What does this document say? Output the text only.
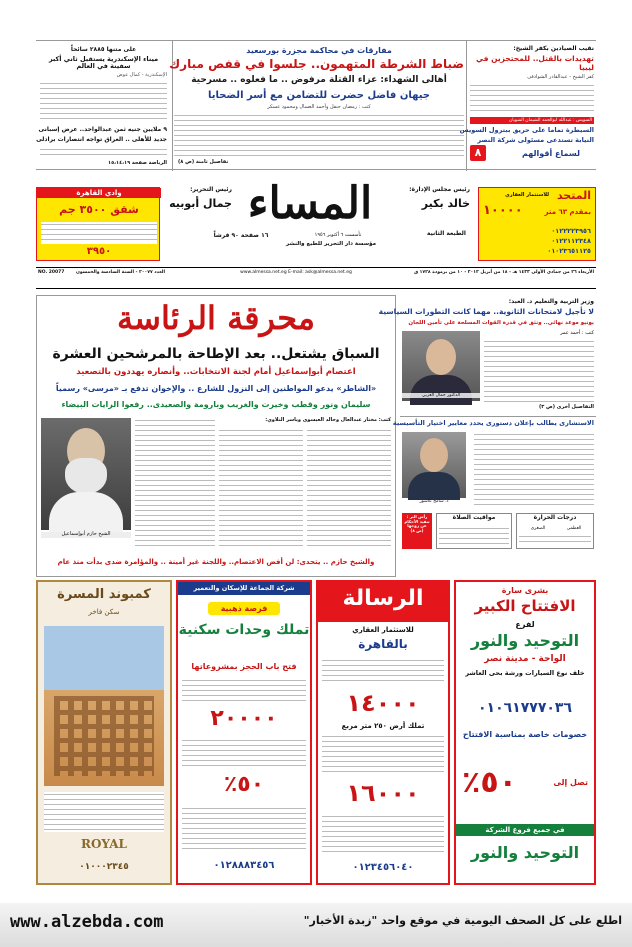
على متنها ٢٨٨٥ سائحاً
ميناء الإسكندرية يستقبل ثاني أكبر سفينة في العالم
الإسكندرية - كمال عوض
٩ ملايين جنيه ثمن عبدالواحد.. عرض إسبانى
جديد للأهلى .. العراق تواجه انتصارات برادلى
الرياضة صفحة ١٥،١٤،١٩
مفارقات في محاكمة مجزرة بورسعيد
ضباط الشرطة المتهمون.. جلسوا في قفص مبارك
أهالى الشهداء: عزاء القتلة مرفوض .. ما فعلوه .. مسرحية
جيهان فاضل حضرت للتضامن مع أسر الضحايا
كتب : رمضان حنفل وأحمد العسال ومحمود عسكر
تفاصيل ثامنة (ص ٨)
نقيب الصيادين بكفر الشيخ:
تهديدات بالقتل.. للمحتجزين في ليبيا
كفر الشيخ - عبدالقادر الشوادفى
السويس : عبدالله ابوالحمد الشيمان الشوبان
السيطرة تماما على حريق ببترول السويس
النيابة تستدعى مسئولى شركة النصر
لسماع أقوالهم
٨
المتحد
للاستثمار العقاري
بمقدم ٦٣ متر
١٠٠٠٠
٠١٢٢٢٢٣٩٥٦
٠١٢٢١١٢٣٤٨
٠١٠٢٣٦٥١١٢٥
رئيس مجلس الإدارة:
خالد بكير
الطبعة الثانية
المساء
رئيس التحرير:
جمال أبوبيه
تأسست ٦ أكتوبر ١٩٥٦
١٦ صفحة ٩٠ قرشاً
مؤسسة دار التحرير للطبع والنشر
وادي القاهرة
شقق ٣٥٠٠ جم
٣٩٥٠
الأربعاء ٢٦ من جمادى الأولى ١٤٣٣ هـ - ١٨ من أبريل ٢٠١٢ - ١٠ من برمودة ١٧٢٨ ق
www.almessa.net.eg E-mail: ask@almessa.net.eg
العدد ٢٠٠٧٧ - السنة السادسة والخمسون
NO. 20077
محرقة الرئاسة
السباق يشتعل.. بعد الإطاحة بالمرشحين العشرة
اعتصام أبوإسماعيل أمام لجنة الانتخابات.. وأنصاره يهددون بالتصعيد
«الشاطر» يدعو المواطنين إلى النزول للشارع .. والإخوان تدفع بـ «مرسى» رسمياً
سليمان ونور وقطب وخيرت والغريب وبارومة والصعيدى.. رفعوا الرايات البيضاء
كتب: مختار عبدالعال وخالد العيسوى وياسر النلاوي:
الشيخ حازم أبوإسماعيل
والشيخ حازم .. يتحدى: لن أفض الاعتصام.. واللجنة غير أمينة .. والمؤامرة ضدى بدأت منذ عام
وزير التربية والتعليم د. العبد:
لا تأجيل لامتحانات الثانوية.. مهما كانت التطورات السياسية
يونيو موعد نهائى.. ونثق في قدرة القوات المسلحة على تأمين اللجان
كتب : أحمد عمر
الدكتور جمال العربي
التفاصيل أخرى (ص ٣)
الاستشارى يطالب بإعلان دستورى يحدد معايير اختيار التأسيسية
د. سامح عاشور
درجات الحرارة
العظمى
الصغرى
مواقيت الصلاة
رأس البر : تنفيذ الأحكام عن زوجها (ص ٨)
بشرى سارة
الافتتاح الكبير
لفرع
التوحيد والنور
الواحة - مدينة نصر
خلف نوع السيارات ورشة بحى العاشر
٠١٠٦١٧٧٧٠٣٦
خصومات خاصة بمناسبة الافتتاح
تصل إلى
٥٠٪
في جميع فروع الشركة
التوحيد والنور
الرسالة
للاستثمار العقاري
بالقاهرة
١٤٠٠٠
تملك أرض ٢٥٠ متر مربع
١٦٠٠٠
٠١٢٣٤٥٦٠٤٠
شركة الجماعة للإسكان والتعمير
فرصة ذهبية
تملك وحدات سكنية
فتح باب الحجز بمشروعاتها
٢٠٠٠٠
٥٠٪
٠١٢٨٨٨٣٤٥٦
كمبوند المسرة
سكن فاخر
ROYAL
٠١٠٠٠٢٣٤٥
اطلع على كل الصحف اليومية في موقع واحد "زبدة الأخبار"
www.alzebda.com
